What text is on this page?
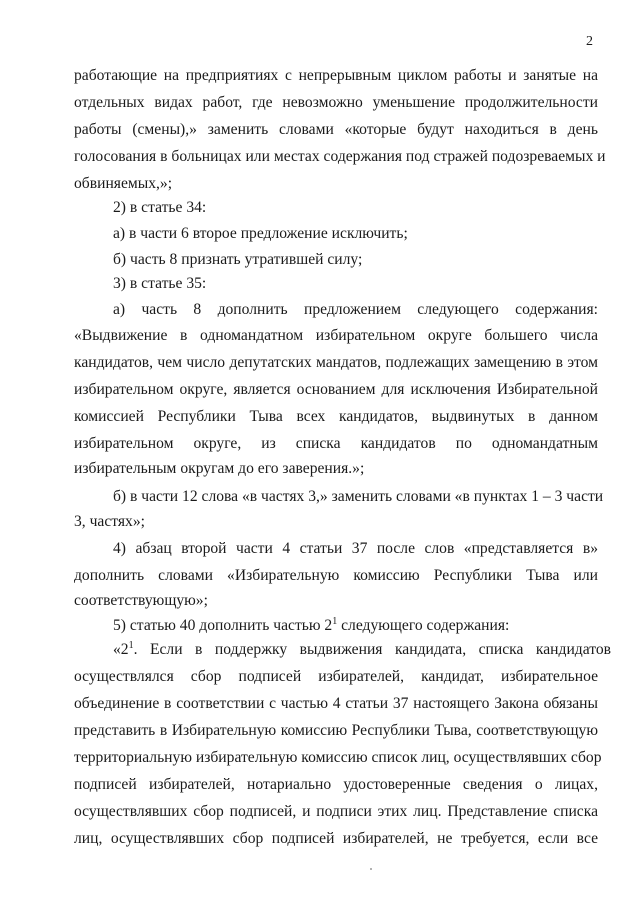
2
работающие на предприятиях с непрерывным циклом работы и занятые на
отдельных видах работ, где невозможно уменьшение продолжительности
работы (смены),» заменить словами «которые будут находиться в день
голосования в больницах или местах содержания под стражей подозреваемых и
обвиняемых,»;
2) в статье 34:
а) в части 6 второе предложение исключить;
б) часть 8 признать утратившей силу;
3) в статье 35:
а) часть 8 дополнить предложением следующего содержания:
«Выдвижение в одномандатном избирательном округе большего числа
кандидатов, чем число депутатских мандатов, подлежащих замещению в этом
избирательном округе, является основанием для исключения Избирательной
комиссией Республики Тыва всех кандидатов, выдвинутых в данном
избирательном округе, из списка кандидатов по одномандатным
избирательным округам до его заверения.»;
б) в части 12 слова «в частях 3,» заменить словами «в пунктах 1 – 3 части
3, частях»;
4) абзац второй части 4 статьи 37 после слов «представляется в»
дополнить словами «Избирательную комиссию Республики Тыва или
соответствующую»;
5) статью 40 дополнить частью $2^1$ следующего содержания:
«$2^1$. Если в поддержку выдвижения кандидата, списка кандидатов
осуществлялся сбор подписей избирателей, кандидат, избирательное
объединение в соответствии с частью 4 статьи 37 настоящего Закона обязаны
представить в Избирательную комиссию Республики Тыва, соответствующую
территориальную избирательную комиссию список лиц, осуществлявших сбор
подписей избирателей, нотариально удостоверенные сведения о лицах,
осуществлявших сбор подписей, и подписи этих лиц. Представление списка
лиц, осуществлявших сбор подписей избирателей, не требуется, если все
